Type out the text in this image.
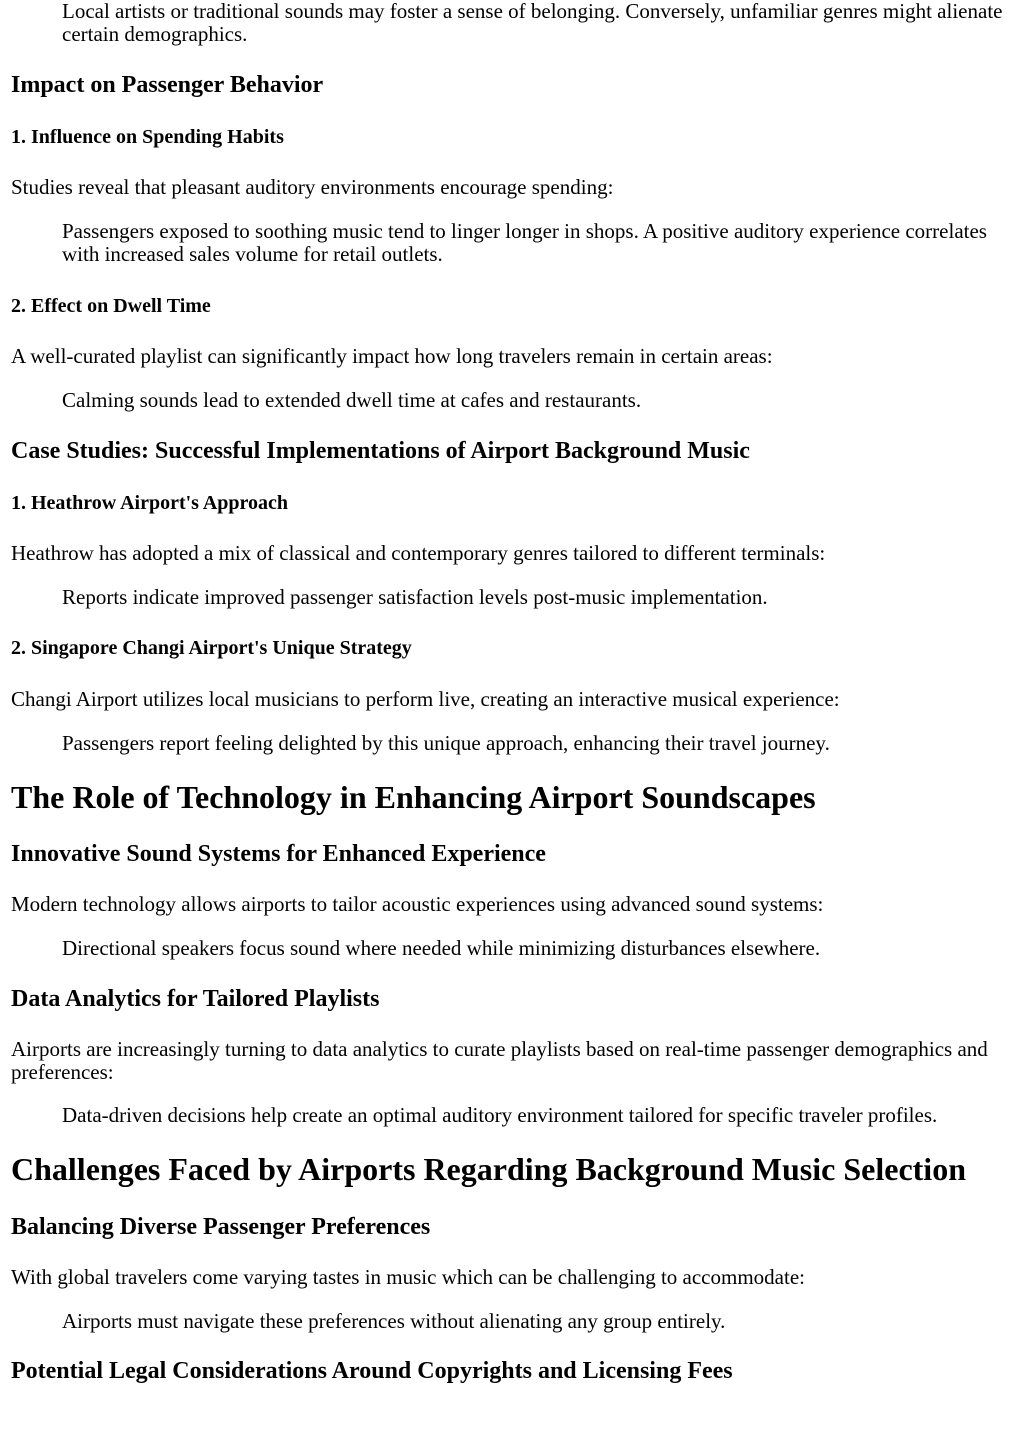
Local artists or traditional sounds may foster a sense of belonging. Conversely, unfamiliar genres might alienate certain demographics.

Impact on Passenger Behavior
1. Influence on Spending Habits

Studies reveal that pleasant auditory environments encourage spending:

Passengers exposed to soothing music tend to linger longer in shops. A positive auditory experience correlates with increased sales volume for retail outlets.

2. Effect on Dwell Time

A well-curated playlist can significantly impact how long travelers remain in certain areas:

Calming sounds lead to extended dwell time at cafes and restaurants.

Case Studies: Successful Implementations of Airport Background Music
1. Heathrow Airport's Approach

Heathrow has adopted a mix of classical and contemporary genres tailored to different terminals:

Reports indicate improved passenger satisfaction levels post-music implementation.

2. Singapore Changi Airport's Unique Strategy

Changi Airport utilizes local musicians to perform live, creating an interactive musical experience:

Passengers report feeling delighted by this unique approach, enhancing their travel journey.

The Role of Technology in Enhancing Airport Soundscapes
Innovative Sound Systems for Enhanced Experience

Modern technology allows airports to tailor acoustic experiences using advanced sound systems:

Directional speakers focus sound where needed while minimizing disturbances elsewhere.

Data Analytics for Tailored Playlists

Airports are increasingly turning to data analytics to curate playlists based on real-time passenger demographics and preferences:

Data-driven decisions help create an optimal auditory environment tailored for specific traveler profiles.

Challenges Faced by Airports Regarding Background Music Selection
Balancing Diverse Passenger Preferences

With global travelers come varying tastes in music which can be challenging to accommodate:

Airports must navigate these preferences without alienating any group entirely.

Potential Legal Considerations Around Copyrights and Licensing Fees
